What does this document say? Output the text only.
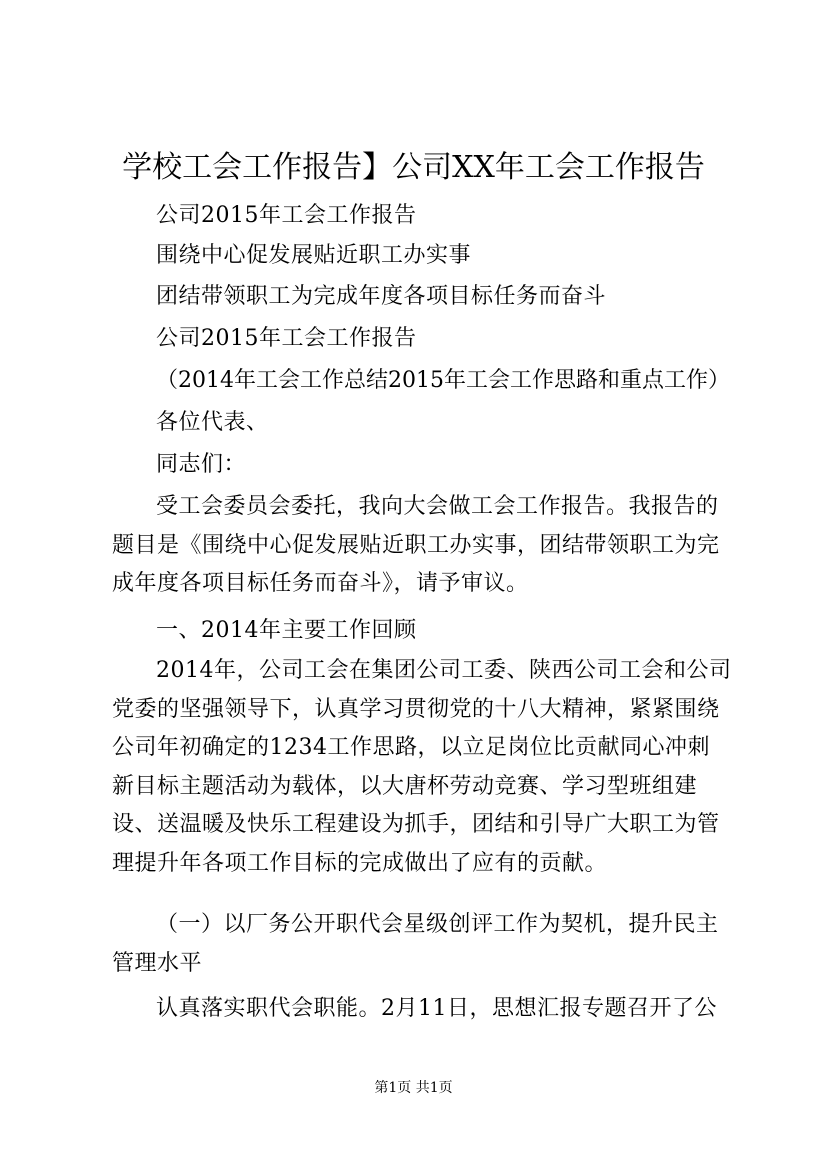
学校工会工作报告】公司XX年工会工作报告

公司2015年工会工作报告

围绕中心促发展贴近职工办实事

团结带领职工为完成年度各项目标任务而奋斗

公司2015年工会工作报告

（2014年工会工作总结2015年工会工作思路和重点工作）

各位代表、

同志们：

受工会委员会委托，我向大会做工会工作报告。我报告的题目是《围绕中心促发展贴近职工办实事，团结带领职工为完成年度各项目标任务而奋斗》，请予审议。

一、2014年主要工作回顾

2014年，公司工会在集团公司工委、陕西公司工会和公司党委的坚强领导下，认真学习贯彻党的十八大精神，紧紧围绕公司年初确定的1234工作思路，以立足岗位比贡献同心冲刺新目标主题活动为载体，以大唐杯劳动竞赛、学习型班组建设、送温暖及快乐工程建设为抓手，团结和引导广大职工为管理提升年各项工作目标的完成做出了应有的贡献。

（一）以厂务公开职代会星级创评工作为契机，提升民主管理水平

认真落实职代会职能。2月11日，思想汇报专题召开了公

第1页 共1页
